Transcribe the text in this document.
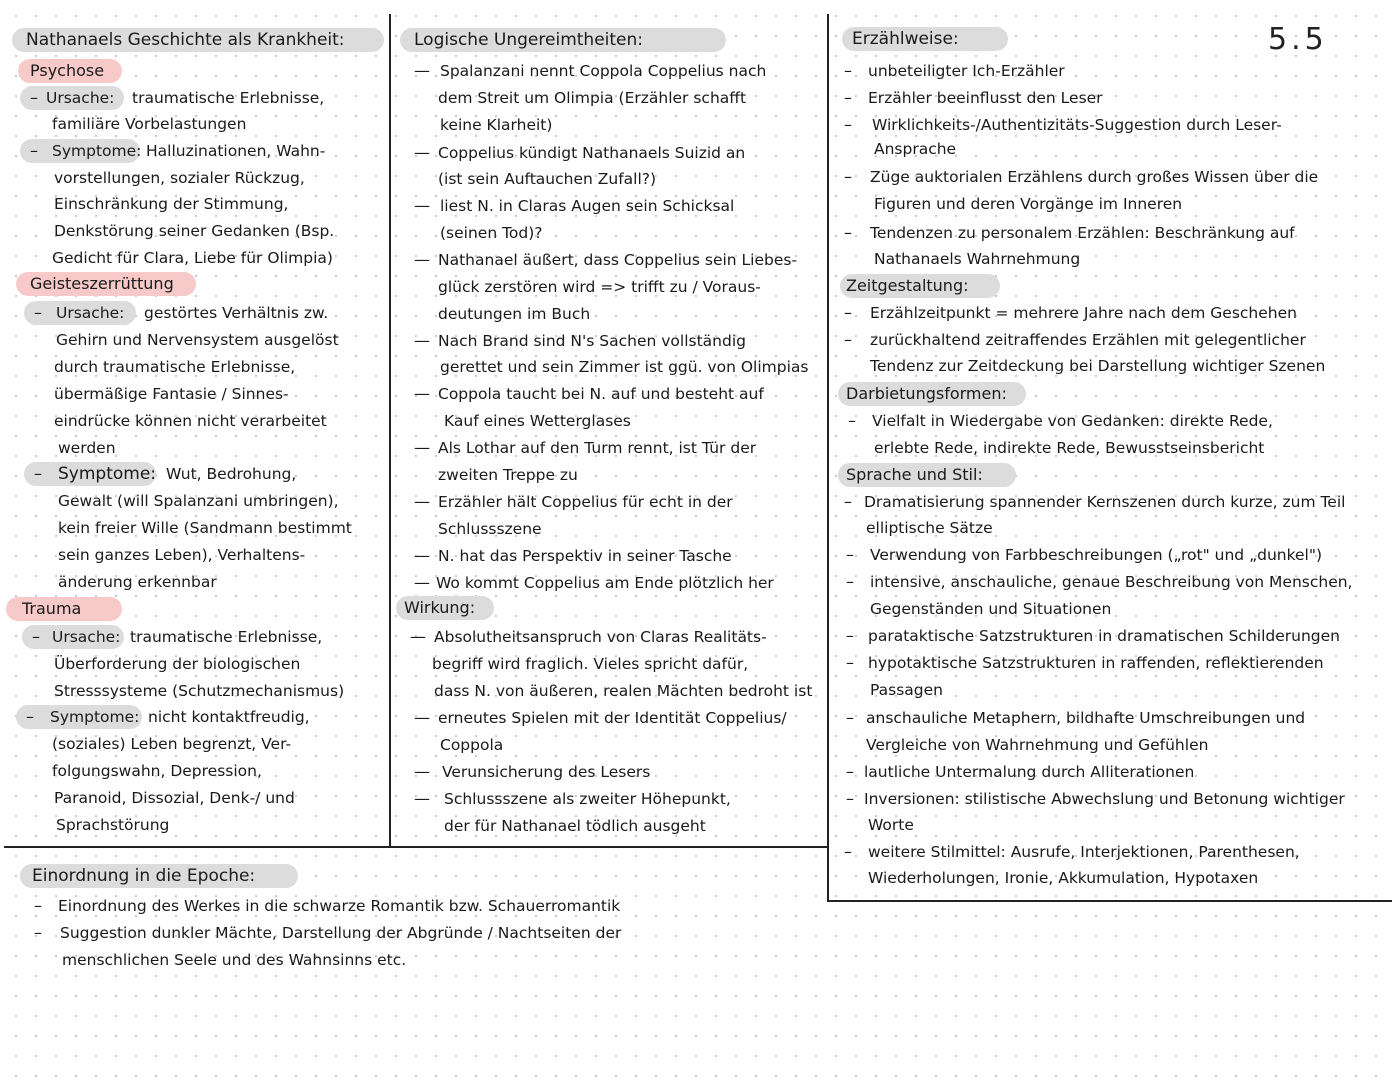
5.5
Nathanaels Geschichte als Krankheit:
Psychose
– Ursache: traumatische Erlebnisse,
familiäre Vorbelastungen
– Symptome: Halluzinationen, Wahn-
vorstellungen, sozialer Rückzug,
Einschränkung der Stimmung,
Denkstörung seiner Gedanken (Bsp.
Gedicht für Clara, Liebe für Olimpia)
Geisteszerrüttung
– Ursache: gestörtes Verhältnis zw.
Gehirn und Nervensystem ausgelöst
durch traumatische Erlebnisse,
übermäßige Fantasie / Sinnes-
eindrücke können nicht verarbeitet
werden
– Symptome: Wut, Bedrohung,
Gewalt (will Spalanzani umbringen),
kein freier Wille (Sandmann bestimmt
sein ganzes Leben), Verhaltens-
änderung erkennbar
Trauma
– Ursache: traumatische Erlebnisse,
Überforderung der biologischen
Stresssysteme (Schutzmechanismus)
– Symptome: nicht kontaktfreudig,
(soziales) Leben begrenzt, Ver-
folgungswahn, Depression,
Paranoid, Dissozial, Denk-/ und
Sprachstörung
Logische Ungereimtheiten:
— Spalanzani nennt Coppola Coppelius nach
dem Streit um Olimpia (Erzähler schafft
keine Klarheit)
— Coppelius kündigt Nathanaels Suizid an
(ist sein Auftauchen Zufall?)
— liest N. in Claras Augen sein Schicksal
(seinen Tod)?
— Nathanael äußert, dass Coppelius sein Liebes-
glück zerstören wird => trifft zu / Voraus-
deutungen im Buch
— Nach Brand sind N's Sachen vollständig
gerettet und sein Zimmer ist ggü. von Olimpias
— Coppola taucht bei N. auf und besteht auf
Kauf eines Wetterglases
— Als Lothar auf den Turm rennt, ist Tür der
zweiten Treppe zu
— Erzähler hält Coppelius für echt in der
Schlussszene
— N. hat das Perspektiv in seiner Tasche
— Wo kommt Coppelius am Ende plötzlich her
Wirkung:
— Absolutheitsanspruch von Claras Realitäts-
begriff wird fraglich. Vieles spricht dafür,
dass N. von äußeren, realen Mächten bedroht ist
— erneutes Spielen mit der Identität Coppelius/
Coppola
— Verunsicherung des Lesers
— Schlussszene als zweiter Höhepunkt,
der für Nathanael tödlich ausgeht
Erzählweise:
– unbeteiligter Ich-Erzähler
– Erzähler beeinflusst den Leser
– Wirklichkeits-/Authentizitäts-Suggestion durch Leser-
Ansprache
– Züge auktorialen Erzählens durch großes Wissen über die
Figuren und deren Vorgänge im Inneren
– Tendenzen zu personalem Erzählen: Beschränkung auf
Nathanaels Wahrnehmung
Zeitgestaltung:
– Erzählzeitpunkt = mehrere Jahre nach dem Geschehen
– zurückhaltend zeitraffendes Erzählen mit gelegentlicher
Tendenz zur Zeitdeckung bei Darstellung wichtiger Szenen
Darbietungsformen:
– Vielfalt in Wiedergabe von Gedanken: direkte Rede,
erlebte Rede, indirekte Rede, Bewusstseinsbericht
Sprache und Stil:
– Dramatisierung spannender Kernszenen durch kurze, zum Teil
elliptische Sätze
– Verwendung von Farbbeschreibungen („rot" und „dunkel")
– intensive, anschauliche, genaue Beschreibung von Menschen,
Gegenständen und Situationen
– parataktische Satzstrukturen in dramatischen Schilderungen
– hypotaktische Satzstrukturen in raffenden, reflektierenden
Passagen
– anschauliche Metaphern, bildhafte Umschreibungen und
Vergleiche von Wahrnehmung und Gefühlen
– lautliche Untermalung durch Alliterationen
– Inversionen: stilistische Abwechslung und Betonung wichtiger
Worte
– weitere Stilmittel: Ausrufe, Interjektionen, Parenthesen,
Wiederholungen, Ironie, Akkumulation, Hypotaxen
Einordnung in die Epoche:
– Einordnung des Werkes in die schwarze Romantik bzw. Schauerromantik
– Suggestion dunkler Mächte, Darstellung der Abgründe / Nachtseiten der
menschlichen Seele und des Wahnsinns etc.
